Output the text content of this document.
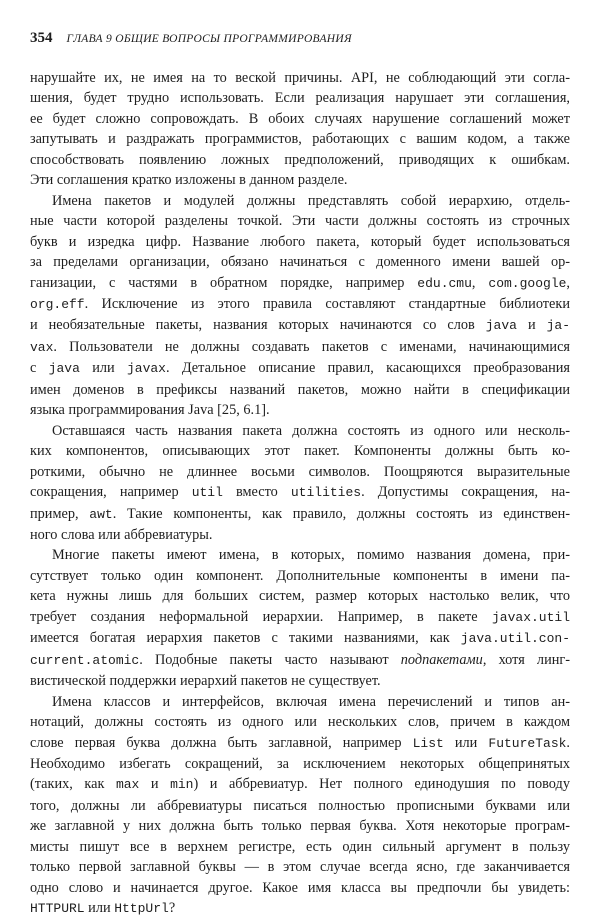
354 ГЛАВА 9 ОБЩИЕ ВОПРОСЫ ПРОГРАММИРОВАНИЯ
нарушайте их, не имея на то веской причины. API, не соблюдающий эти согла-
шения, будет трудно использовать. Если реализация нарушает эти соглашения,
ее будет сложно сопровождать. В обоих случаях нарушение соглашений может
запутывать и раздражать программистов, работающих с вашим кодом, а также
способствовать появлению ложных предположений, приводящих к ошибкам.
Эти соглашения кратко изложены в данном разделе.
Имена пакетов и модулей должны представлять собой иерархию, отдель-
ные части которой разделены точкой. Эти части должны состоять из строчных
букв и изредка цифр. Название любого пакета, который будет использоваться
за пределами организации, обязано начинаться с доменного имени вашей ор-
ганизации, с частями в обратном порядке, например edu.cmu, com.google,
org.eff. Исключение из этого правила составляют стандартные библиотеки
и необязательные пакеты, названия которых начинаются со слов java и ja-
vax. Пользователи не должны создавать пакетов с именами, начинающимися
с java или javax. Детальное описание правил, касающихся преобразования
имен доменов в префиксы названий пакетов, можно найти в спецификации
языка программирования Java [25, 6.1].
Оставшаяся часть названия пакета должна состоять из одного или несколь-
ких компонентов, описывающих этот пакет. Компоненты должны быть ко-
роткими, обычно не длиннее восьми символов. Поощряются выразительные
сокращения, например util вместо utilities. Допустимы сокращения, на-
пример, awt. Такие компоненты, как правило, должны состоять из единствен-
ного слова или аббревиатуры.
Многие пакеты имеют имена, в которых, помимо названия домена, при-
сутствует только один компонент. Дополнительные компоненты в имени па-
кета нужны лишь для больших систем, размер которых настолько велик, что
требует создания неформальной иерархии. Например, в пакете javax.util
имеется богатая иерархия пакетов с такими названиями, как java.util.con-
current.atomic. Подобные пакеты часто называют подпакетами, хотя линг-
вистической поддержки иерархий пакетов не существует.
Имена классов и интерфейсов, включая имена перечислений и типов ан-
нотаций, должны состоять из одного или нескольких слов, причем в каждом
слове первая буква должна быть заглавной, например List или FutureTask.
Необходимо избегать сокращений, за исключением некоторых общепринятых
(таких, как max и min) и аббревиатур. Нет полного единодушия по поводу
того, должны ли аббревиатуры писаться полностью прописными буквами или
же заглавной у них должна быть только первая буква. Хотя некоторые програм-
мисты пишут все в верхнем регистре, есть один сильный аргумент в пользу
только первой заглавной буквы — в этом случае всегда ясно, где заканчивается
одно слово и начинается другое. Какое имя класса вы предпочли бы увидеть:
HTTPURL или HttpUrl?
